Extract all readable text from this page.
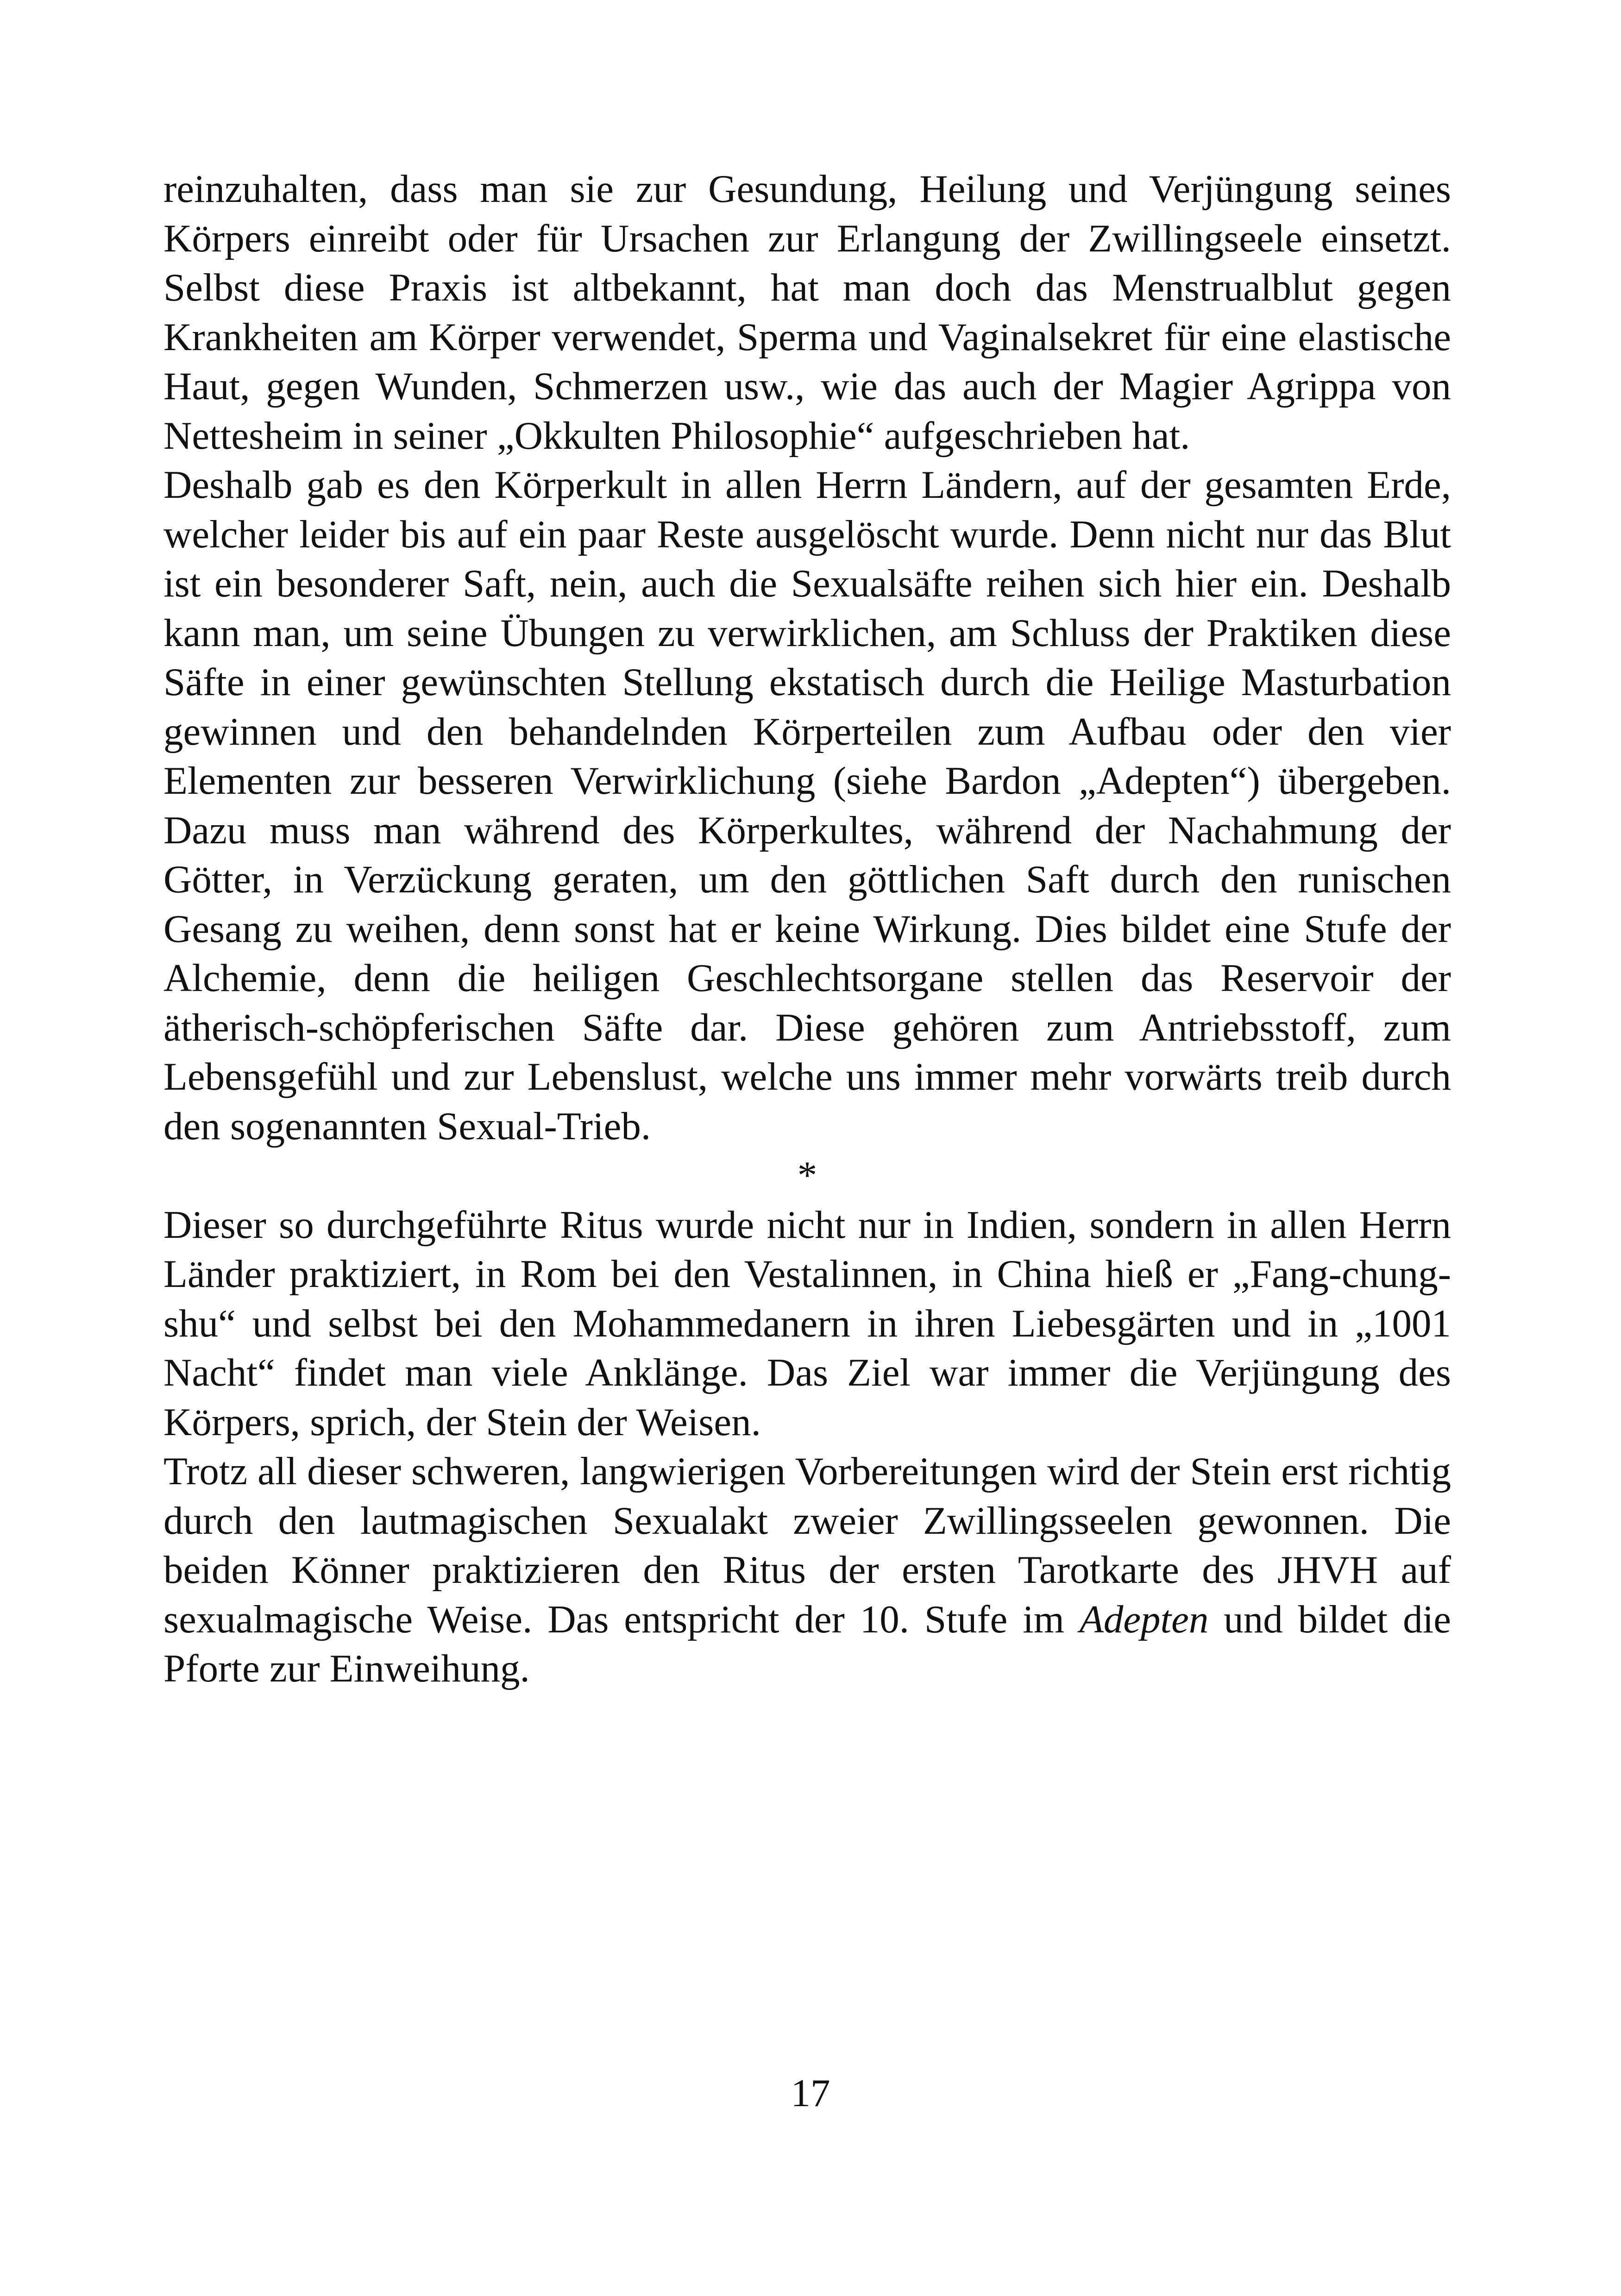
reinzuhalten, dass man sie zur Gesundung, Heilung und Verjüngung seines Körpers einreibt oder für Ursachen zur Erlangung der Zwillingseele einsetzt. Selbst diese Praxis ist altbekannt, hat man doch das Menstrualblut gegen Krankheiten am Körper verwendet, Sperma und Vaginalsekret für eine elastische Haut, gegen Wunden, Schmerzen usw., wie das auch der Magier Agrippa von Nettesheim in seiner „Okkulten Philosophie“ aufgeschrieben hat.

Deshalb gab es den Körperkult in allen Herrn Ländern, auf der gesamten Erde, welcher leider bis auf ein paar Reste ausgelöscht wurde. Denn nicht nur das Blut ist ein besonderer Saft, nein, auch die Sexualsäfte reihen sich hier ein. Deshalb kann man, um seine Übungen zu verwirklichen, am Schluss der Praktiken diese Säfte in einer gewünschten Stellung ekstatisch durch die Heilige Masturbation gewinnen und den behandelnden Körperteilen zum Aufbau oder den vier Elementen zur besseren Verwirklichung (siehe Bardon „Adepten“) übergeben. Dazu muss man während des Körperkultes, während der Nachahmung der Götter, in Verzückung geraten, um den göttlichen Saft durch den runischen Gesang zu weihen, denn sonst hat er keine Wirkung. Dies bildet eine Stufe der Alchemie, denn die heiligen Geschlechtsorgane stellen das Reservoir der ätherisch-schöpferischen Säfte dar. Diese gehören zum Antriebsstoff, zum Lebensgefühl und zur Lebenslust, welche uns immer mehr vorwärts treib durch den sogenannten Sexual-Trieb.

*

Dieser so durchgeführte Ritus wurde nicht nur in Indien, sondern in allen Herrn Länder praktiziert, in Rom bei den Vestalinnen, in China hieß er „Fang-chung-shu“ und selbst bei den Mohammedanern in ihren Liebesgärten und in „1001 Nacht“ findet man viele Anklänge. Das Ziel war immer die Verjüngung des Körpers, sprich, der Stein der Weisen.

Trotz all dieser schweren, langwierigen Vorbereitungen wird der Stein erst richtig durch den lautmagischen Sexualakt zweier Zwillingsseelen gewonnen. Die beiden Könner praktizieren den Ritus der ersten Tarotkarte des JHVH auf sexualmagische Weise. Das entspricht der 10. Stufe im Adepten und bildet die Pforte zur Einweihung.

17
